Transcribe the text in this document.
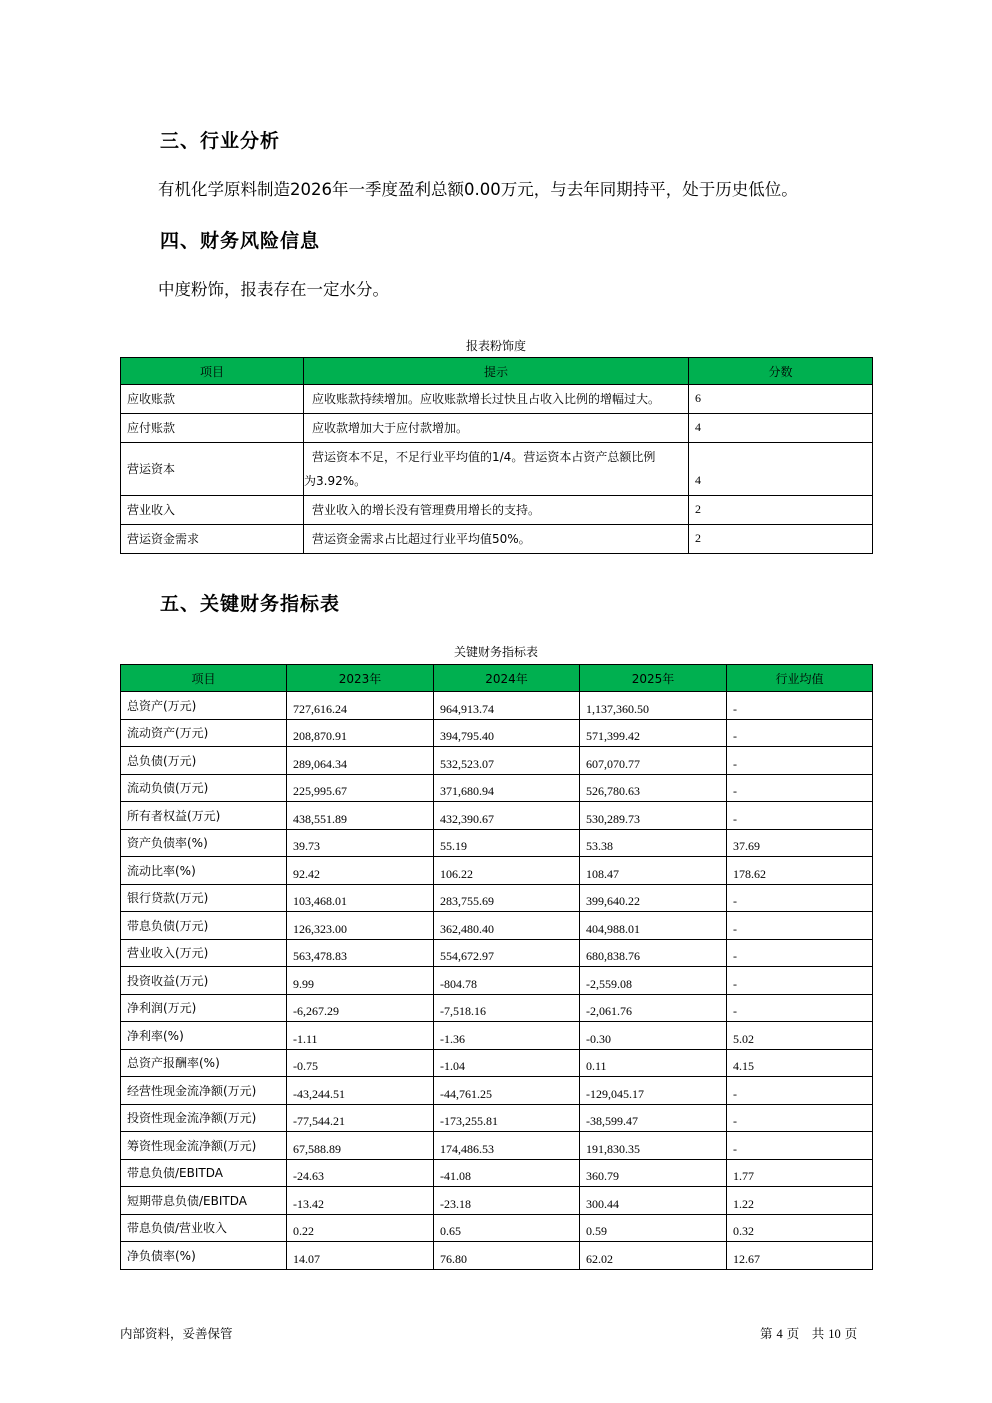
三、行业分析
有机化学原料制造2026年一季度盈利总额0.00万元，与去年同期持平，处于历史低位。
四、财务风险信息
中度粉饰，报表存在一定水分。
报表粉饰度
项目	提示	分数
应收账款	应收账款持续增加。应收账款增长过快且占收入比例的增幅过大。	6
应付账款	应收款增加大于应付款增加。	4
营运资本	营运资本不足，不足行业平均值的1/4。营运资本占资产总额比例
为3.92%。	4
营业收入	营业收入的增长没有管理费用增长的支持。	2
营运资金需求	营运资金需求占比超过行业平均值50%。	2
五、关键财务指标表
关键财务指标表
项目	2023年	2024年	2025年	行业均值
总资产(万元)	727,616.24	964,913.74	1,137,360.50	-
流动资产(万元)	208,870.91	394,795.40	571,399.42	-
总负债(万元)	289,064.34	532,523.07	607,070.77	-
流动负债(万元)	225,995.67	371,680.94	526,780.63	-
所有者权益(万元)	438,551.89	432,390.67	530,289.73	-
资产负债率(%)	39.73	55.19	53.38	37.69
流动比率(%)	92.42	106.22	108.47	178.62
银行贷款(万元)	103,468.01	283,755.69	399,640.22	-
带息负债(万元)	126,323.00	362,480.40	404,988.01	-
营业收入(万元)	563,478.83	554,672.97	680,838.76	-
投资收益(万元)	9.99	-804.78	-2,559.08	-
净利润(万元)	-6,267.29	-7,518.16	-2,061.76	-
净利率(%)	-1.11	-1.36	-0.30	5.02
总资产报酬率(%)	-0.75	-1.04	0.11	4.15
经营性现金流净额(万元)	-43,244.51	-44,761.25	-129,045.17	-
投资性现金流净额(万元)	-77,544.21	-173,255.81	-38,599.47	-
筹资性现金流净额(万元)	67,588.89	174,486.53	191,830.35	-
带息负债/EBITDA	-24.63	-41.08	360.79	1.77
短期带息负债/EBITDA	-13.42	-23.18	300.44	1.22
带息负债/营业收入	0.22	0.65	0.59	0.32
净负债率(%)	14.07	76.80	62.02	12.67
内部资料，妥善保管	第 4 页　共 10 页
